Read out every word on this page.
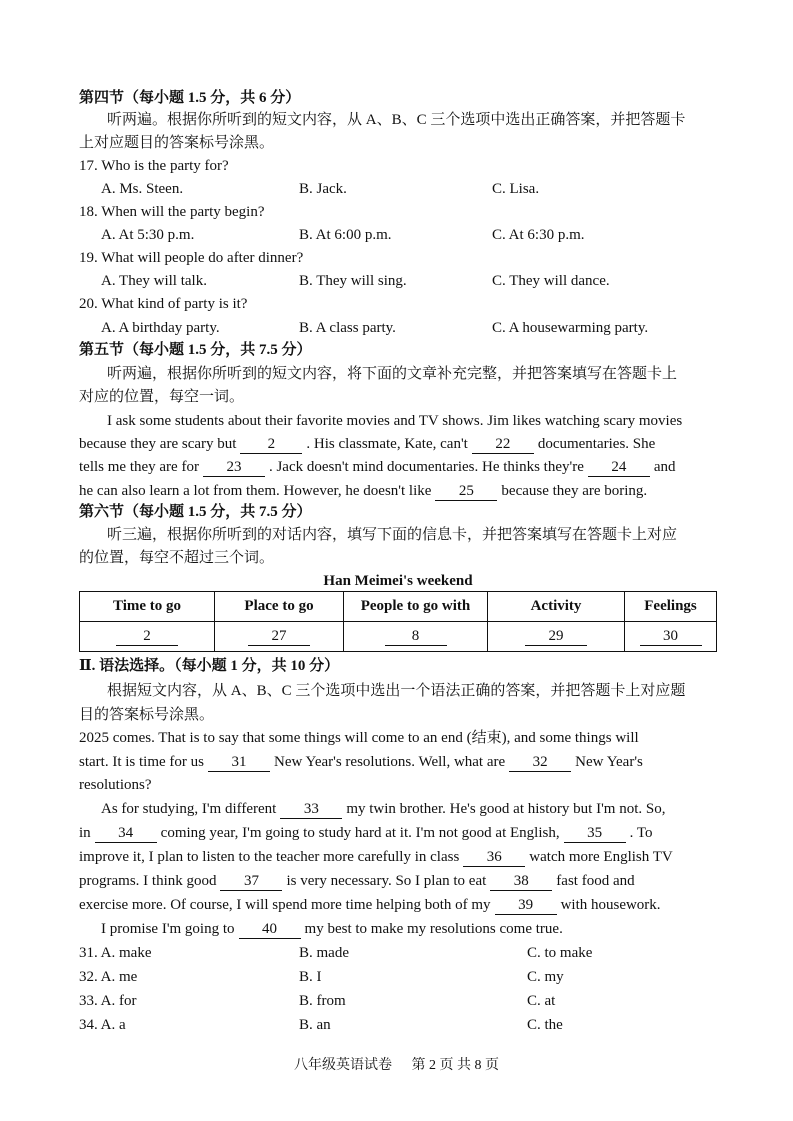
第四节（每小题 1.5 分，共 6 分）
听两遍。根据你所听到的短文内容，从 A、B、C 三个选项中选出正确答案，并把答题卡
上对应题目的答案标号涂黑。
17. Who is the party for?
A. Ms. Steen.	B. Jack.	C. Lisa.
18. When will the party begin?
A. At 5:30 p.m.	B. At 6:00 p.m.	C. At 6:30 p.m.
19. What will people do after dinner?
A. They will talk.	B. They will sing.	C. They will dance.
20. What kind of party is it?
A. A birthday party.	B. A class party.	C. A housewarming party.
第五节（每小题 1.5 分，共 7.5 分）
听两遍，根据你所听到的短文内容，将下面的文章补充完整，并把答案填写在答题卡上
对应的位置，每空一词。
I ask some students about their favorite movies and TV shows. Jim likes watching scary movies
because they are scary but 2 . His classmate, Kate, can't 22 documentaries. She
tells me they are for 23 . Jack doesn't mind documentaries. He thinks they're 24 and
he can also learn a lot from them. However, he doesn't like 25 because they are boring.
第六节（每小题 1.5 分，共 7.5 分）
听三遍，根据你所听到的对话内容，填写下面的信息卡，并把答案填写在答题卡上对应
的位置，每空不超过三个词。
Han Meimei's weekend
Time to go	Place to go	People to go with	Activity	Feelings
2	27	8	29	30
Ⅱ. 语法选择。（每小题 1 分，共 10 分）
根据短文内容，从 A、B、C 三个选项中选出一个语法正确的答案，并把答题卡上对应题
目的答案标号涂黑。
2025 comes. That is to say that some things will come to an end (结束), and some things will
start. It is time for us 31 New Year's resolutions. Well, what are 32 New Year's
resolutions?
As for studying, I'm different 33 my twin brother. He's good at history but I'm not. So,
in 34 coming year, I'm going to study hard at it. I'm not good at English, 35 . To
improve it, I plan to listen to the teacher more carefully in class 36 watch more English TV
programs. I think good 37 is very necessary. So I plan to eat 38 fast food and
exercise more. Of course, I will spend more time helping both of my 39 with housework.
I promise I'm going to 40 my best to make my resolutions come true.
31. A. make	B. made	C. to make
32. A. me	B. I	C. my
33. A. for	B. from	C. at
34. A. a	B. an	C. the
八年级英语试卷 第 2 页 共 8 页
